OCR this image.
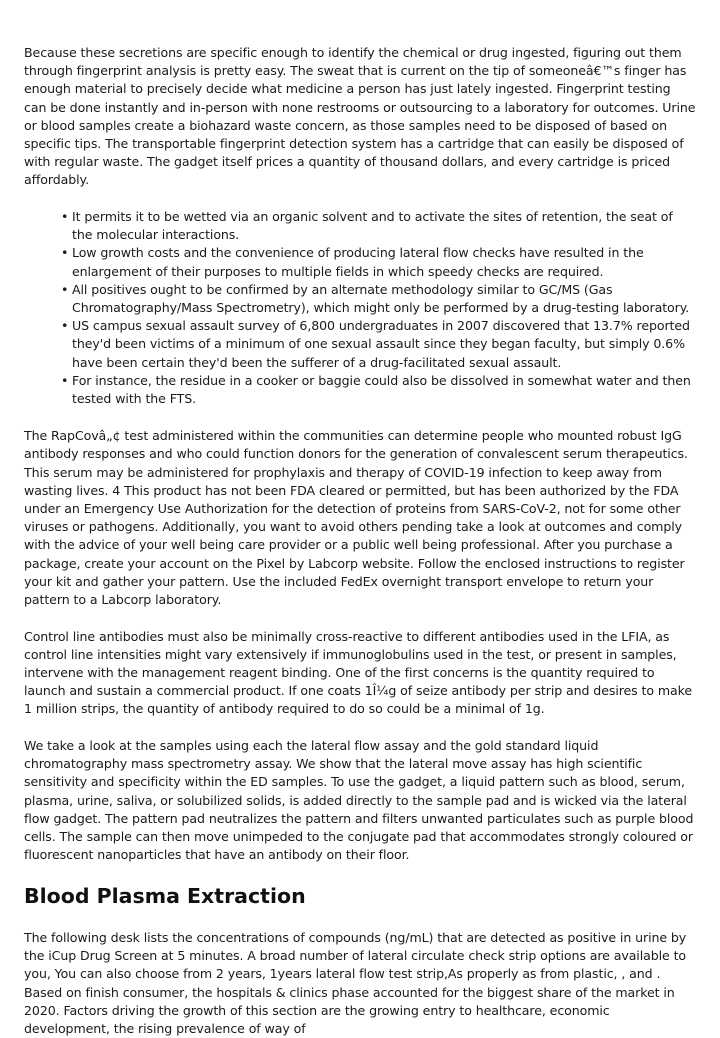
Because these secretions are specific enough to identify the chemical or drug ingested, figuring out them through fingerprint analysis is pretty easy. The sweat that is current on the tip of someoneâ€™s finger has enough material to precisely decide what medicine a person has just lately ingested. Fingerprint testing can be done instantly and in-person with none restrooms or outsourcing to a laboratory for outcomes. Urine or blood samples create a biohazard waste concern, as those samples need to be disposed of based on specific tips. The transportable fingerprint detection system has a cartridge that can easily be disposed of with regular waste. The gadget itself prices a quantity of thousand dollars, and every cartridge is priced affordably.

• It permits it to be wetted via an organic solvent and to activate the sites of retention, the seat of the molecular interactions.
• Low growth costs and the convenience of producing lateral flow checks have resulted in the enlargement of their purposes to multiple fields in which speedy checks are required.
• All positives ought to be confirmed by an alternate methodology similar to GC/MS (Gas Chromatography/Mass Spectrometry), which might only be performed by a drug-testing laboratory.
• US campus sexual assault survey of 6,800 undergraduates in 2007 discovered that 13.7% reported they'd been victims of a minimum of one sexual assault since they began faculty, but simply 0.6% have been certain they'd been the sufferer of a drug-facilitated sexual assault.
• For instance, the residue in a cooker or baggie could also be dissolved in somewhat water and then tested with the FTS.

The RapCovâ„¢ test administered within the communities can determine people who mounted robust IgG antibody responses and who could function donors for the generation of convalescent serum therapeutics. This serum may be administered for prophylaxis and therapy of COVID-19 infection to keep away from wasting lives. 4 This product has not been FDA cleared or permitted, but has been authorized by the FDA under an Emergency Use Authorization for the detection of proteins from SARS-CoV-2, not for some other viruses or pathogens. Additionally, you want to avoid others pending take a look at outcomes and comply with the advice of your well being care provider or a public well being professional. After you purchase a package, create your account on the Pixel by Labcorp website. Follow the enclosed instructions to register your kit and gather your pattern. Use the included FedEx overnight transport envelope to return your pattern to a Labcorp laboratory.

Control line antibodies must also be minimally cross-reactive to different antibodies used in the LFIA, as control line intensities might vary extensively if immunoglobulins used in the test, or present in samples, intervene with the management reagent binding. One of the first concerns is the quantity required to launch and sustain a commercial product. If one coats 1Î¼g of seize antibody per strip and desires to make 1 million strips, the quantity of antibody required to do so could be a minimal of 1g.

We take a look at the samples using each the lateral flow assay and the gold standard liquid chromatography mass spectrometry assay. We show that the lateral move assay has high scientific sensitivity and specificity within the ED samples. To use the gadget, a liquid pattern such as blood, serum, plasma, urine, saliva, or solubilized solids, is added directly to the sample pad and is wicked via the lateral flow gadget. The pattern pad neutralizes the pattern and filters unwanted particulates such as purple blood cells. The sample can then move unimpeded to the conjugate pad that accommodates strongly coloured or fluorescent nanoparticles that have an antibody on their floor.

Blood Plasma Extraction

The following desk lists the concentrations of compounds (ng/mL) that are detected as positive in urine by the iCup Drug Screen at 5 minutes. A broad number of lateral circulate check strip options are available to you, You can also choose from 2 years, 1years lateral flow test strip,As properly as from plastic, , and . Based on finish consumer, the hospitals & clinics phase accounted for the biggest share of the market in 2020. Factors driving the growth of this section are the growing entry to healthcare, economic development, the rising prevalence of way of
